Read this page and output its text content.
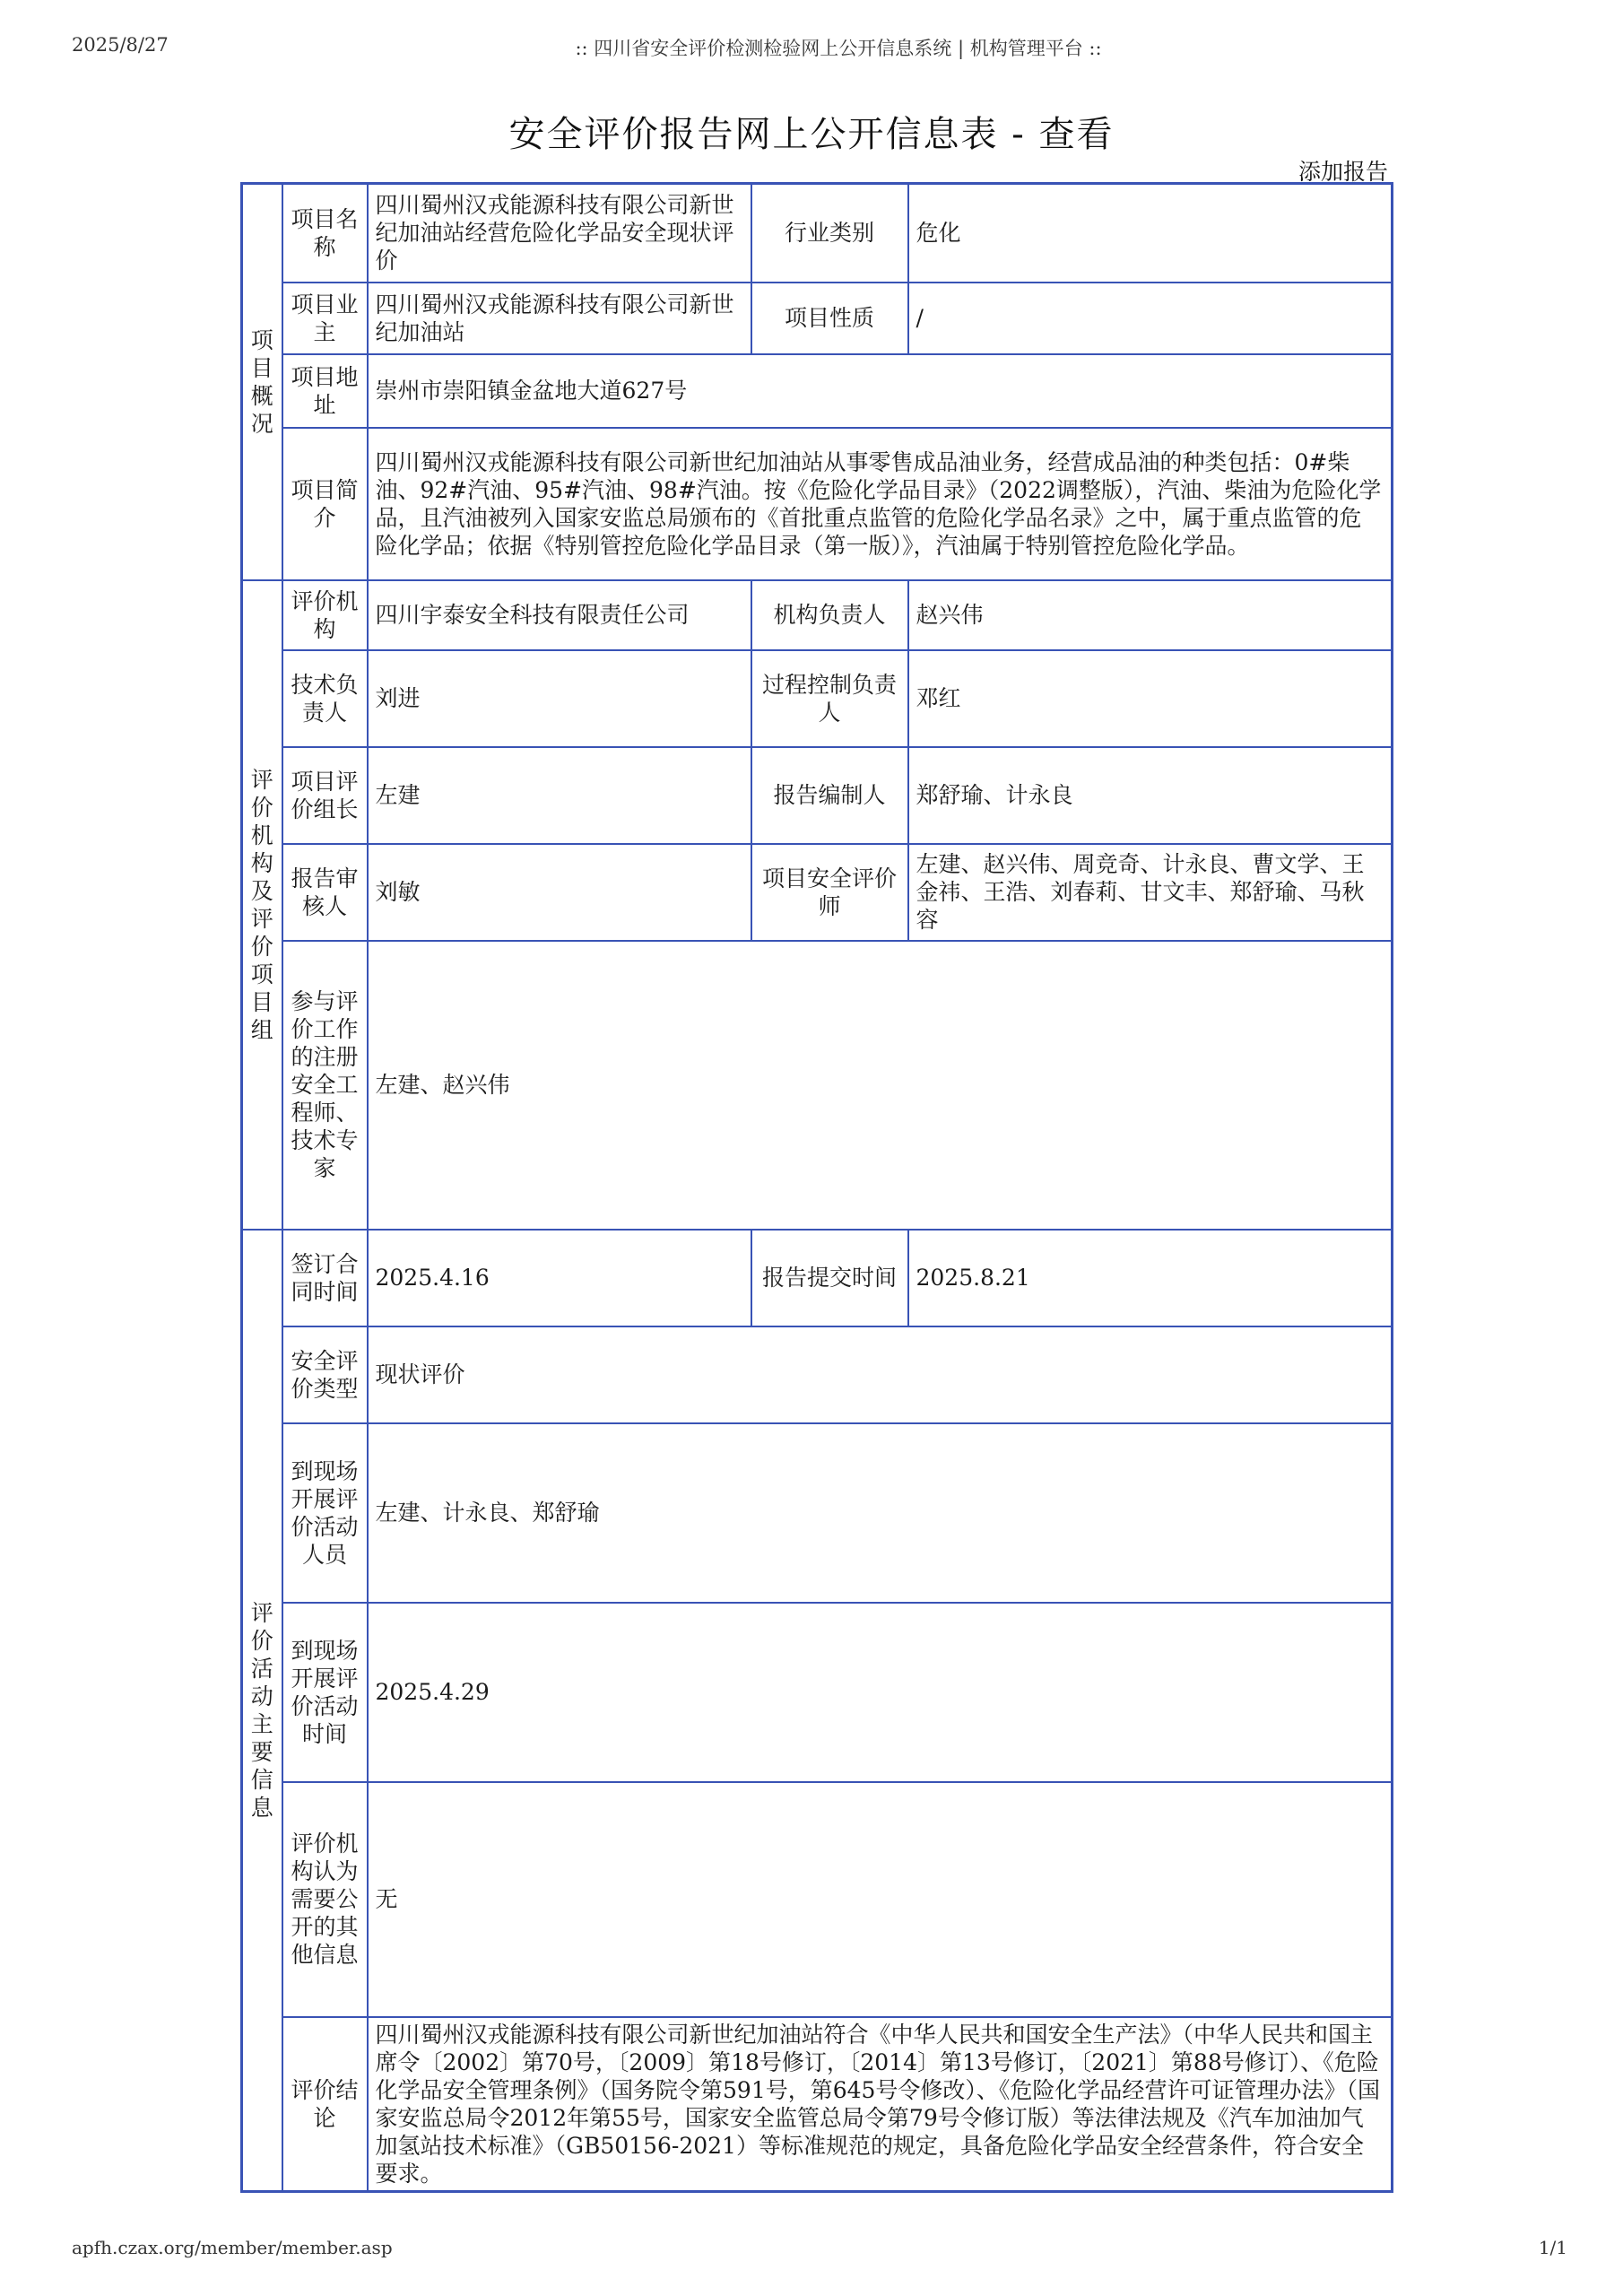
2025/8/27	:: 四川省安全评价检测检验网上公开信息系统 | 机构管理平台 ::
安全评价报告网上公开信息表 - 查看
添加报告
项目概况	项目名称	四川蜀州汉戎能源科技有限公司新世纪加油站经营危险化学品安全现状评价	行业类别	危化
	项目业主	四川蜀州汉戎能源科技有限公司新世纪加油站	项目性质	/
	项目地址	崇州市崇阳镇金盆地大道627号		
	项目简介	四川蜀州汉戎能源科技有限公司新世纪加油站从事零售成品油业务，经营成品油的种类包括：0#柴油、92#汽油、95#汽油、98#汽油。按《危险化学品目录》（2022调整版），汽油、柴油为危险化学品，且汽油被列入国家安监总局颁布的《首批重点监管的危险化学品名录》之中，属于重点监管的危险化学品；依据《特别管控危险化学品目录（第一版）》，汽油属于特别管控危险化学品。		
评价机构及评价项目组	评价机构	四川宇泰安全科技有限责任公司	机构负责人	赵兴伟
	技术负责人	刘进	过程控制负责人	邓红
	项目评价组长	左建	报告编制人	郑舒瑜、计永良
	报告审核人	刘敏	项目安全评价师	左建、赵兴伟、周竞奇、计永良、曹文学、王金祎、王浩、刘春莉、甘文丰、郑舒瑜、马秋容
	参与评价工作的注册安全工程师、技术专家	左建、赵兴伟		
评价活动主要信息	签订合同时间	2025.4.16	报告提交时间	2025.8.21
	安全评价类型	现状评价		
	到现场开展评价活动人员	左建、计永良、郑舒瑜		
	到现场开展评价活动时间	2025.4.29		
	评价机构认为需要公开的其他信息	无		
	评价结论	四川蜀州汉戎能源科技有限公司新世纪加油站符合《中华人民共和国安全生产法》（中华人民共和国主席令〔2002〕第70号，〔2009〕第18号修订，〔2014〕第13号修订，〔2021〕第88号修订）、《危险化学品安全管理条例》（国务院令第591号，第645号令修改）、《危险化学品经营许可证管理办法》（国家安监总局令2012年第55号，国家安全监管总局令第79号令修订版）等法律法规及《汽车加油加气加氢站技术标准》（GB50156-2021）等标准规范的规定，具备危险化学品安全经营条件，符合安全要求。		
apfh.czax.org/member/member.asp	1/1
